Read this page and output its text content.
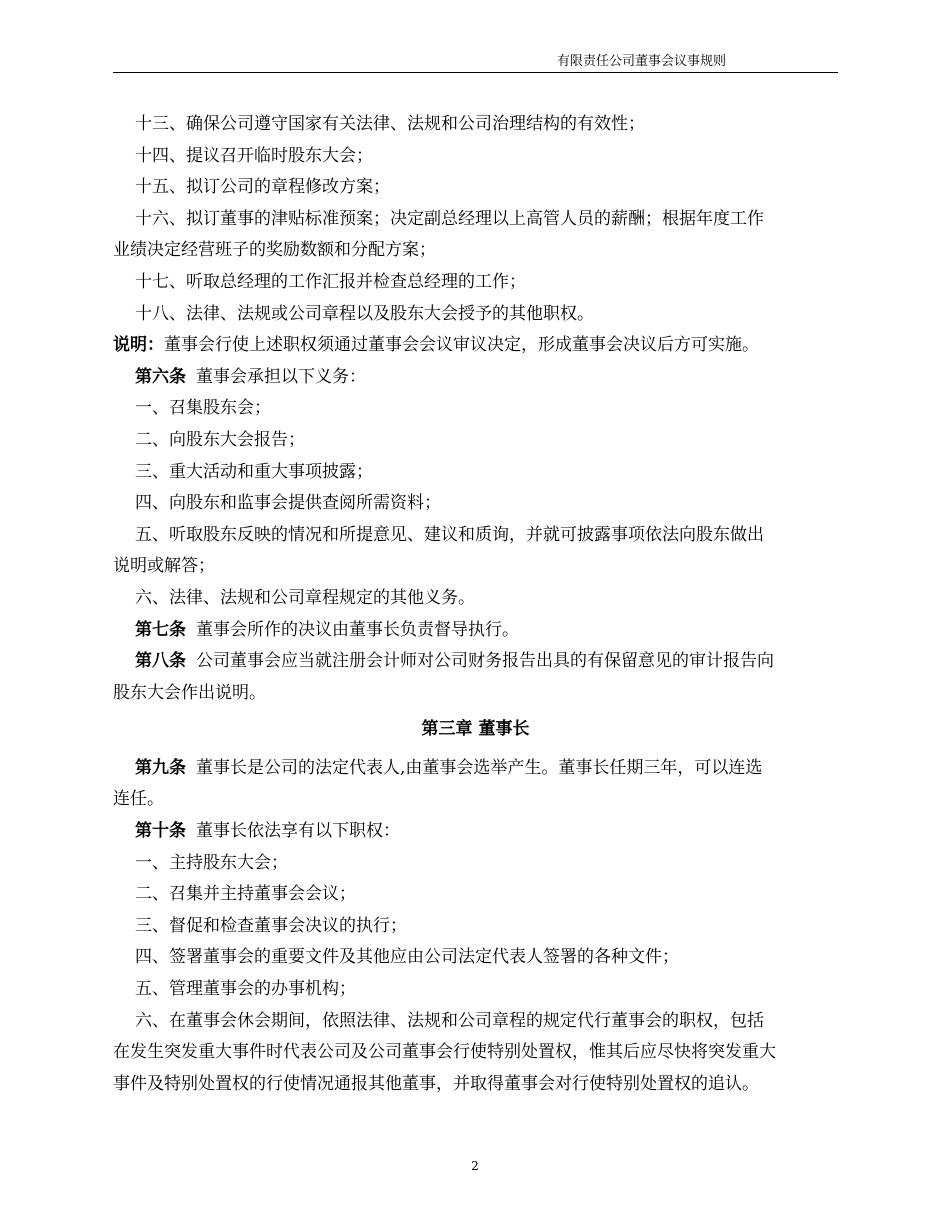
有限责任公司董事会议事规则
十三、确保公司遵守国家有关法律、法规和公司治理结构的有效性；
十四、提议召开临时股东大会；
十五、拟订公司的章程修改方案；
十六、拟订董事的津贴标准预案；决定副总经理以上高管人员的薪酬；根据年度工作
业绩决定经营班子的奖励数额和分配方案；
十七、听取总经理的工作汇报并检查总经理的工作；
十八、法律、法规或公司章程以及股东大会授予的其他职权。
说明：董事会行使上述职权须通过董事会会议审议决定，形成董事会决议后方可实施。
第六条 董事会承担以下义务：
一、召集股东会；
二、向股东大会报告；
三、重大活动和重大事项披露；
四、向股东和监事会提供查阅所需资料；
五、听取股东反映的情况和所提意见、建议和质询，并就可披露事项依法向股东做出
说明或解答；
六、法律、法规和公司章程规定的其他义务。
第七条 董事会所作的决议由董事长负责督导执行。
第八条 公司董事会应当就注册会计师对公司财务报告出具的有保留意见的审计报告向
股东大会作出说明。
第三章 董事长
第九条 董事长是公司的法定代表人,由董事会选举产生。董事长任期三年，可以连选
连任。
第十条 董事长依法享有以下职权：
一、主持股东大会；
二、召集并主持董事会会议；
三、督促和检查董事会决议的执行；
四、签署董事会的重要文件及其他应由公司法定代表人签署的各种文件；
五、管理董事会的办事机构；
六、在董事会休会期间，依照法律、法规和公司章程的规定代行董事会的职权，包括
在发生突发重大事件时代表公司及公司董事会行使特别处置权，惟其后应尽快将突发重大
事件及特别处置权的行使情况通报其他董事，并取得董事会对行使特别处置权的追认。
2
